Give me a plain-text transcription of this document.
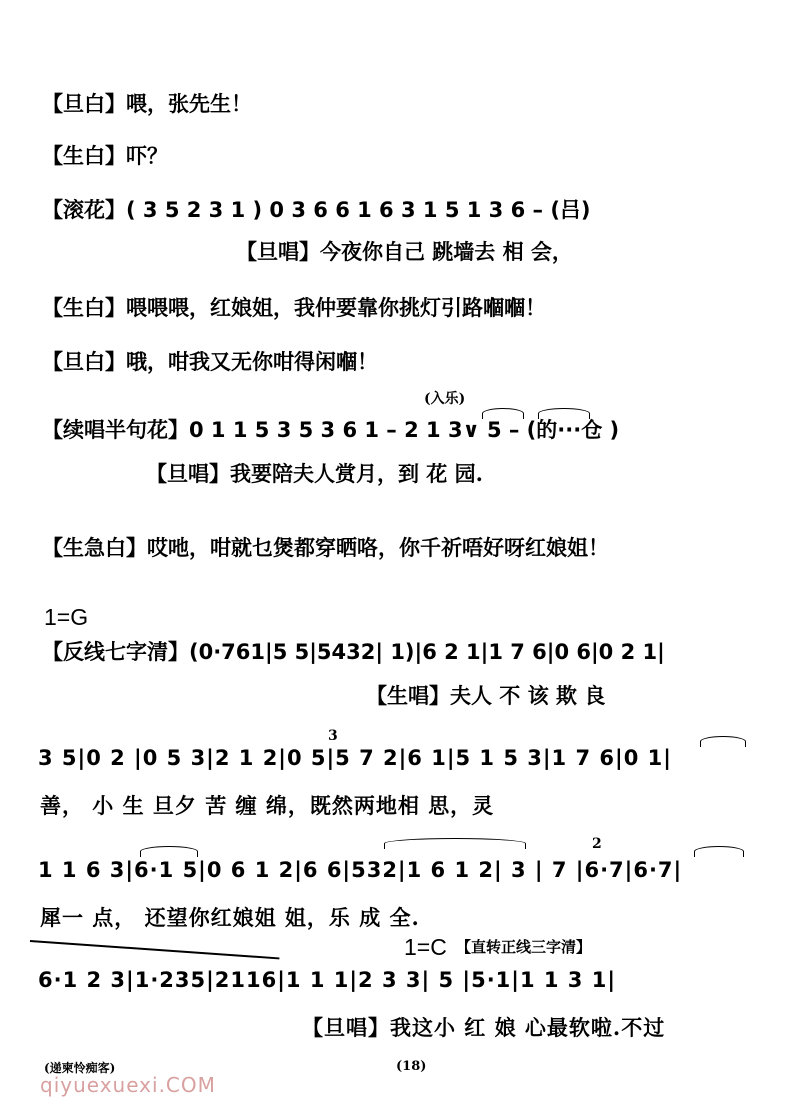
【旦白】喂，张先生！
【生白】吓？
【滚花】( 3 5 2 3 1 ) 0 3 6 6 1 6 3 1 5 1 3 6 – (吕)
【旦唱】今夜你自己 跳墙去 相 会，
【生白】喂喂喂，红娘姐，我仲要靠你挑灯引路嗰嗰！
【旦白】哦，咁我又无你咁得闲嗰！
(入乐)
【续唱半句花】0 1 1 5 3 5 3 6 1 – 2 1 3∨ 5 – (的···仓 )
【旦唱】我要陪夫人赏月，到 花 园.
【生急白】哎吔，咁就乜煲都穿晒咯，你千祈唔好呀红娘姐！
1=G
【反线七字清】(0·761|5 5|5432| 1)|6 2 1|1 7 6|0 6|0 2 1|
【生唱】夫人 不 该 欺 良
3 5|0 2 |0 5 3|2 1 2|0 5|5 7 2|6 1|5 1 5 3|1 7 6|0 1|
3
善， 小 生 旦夕 苦 缠 绵，既然两地相 思，灵
1 1 6 3|6·1 5|0 6 1 2|6 6|532|1 6 1 2| 3 | 7 |6·7|6·7|
2
犀一 点， 还望你红娘姐 姐，乐 成 全.
1=C 【直转正线三字清】
6·1 2 3|1·235|2116|1 1 1|2 3 3| 5 |5·1|1 1 3 1|
【旦唱】我这小 红 娘 心最软啦.不过
(递柬怜痴客)	(18)
qiyuexuexi.COM
